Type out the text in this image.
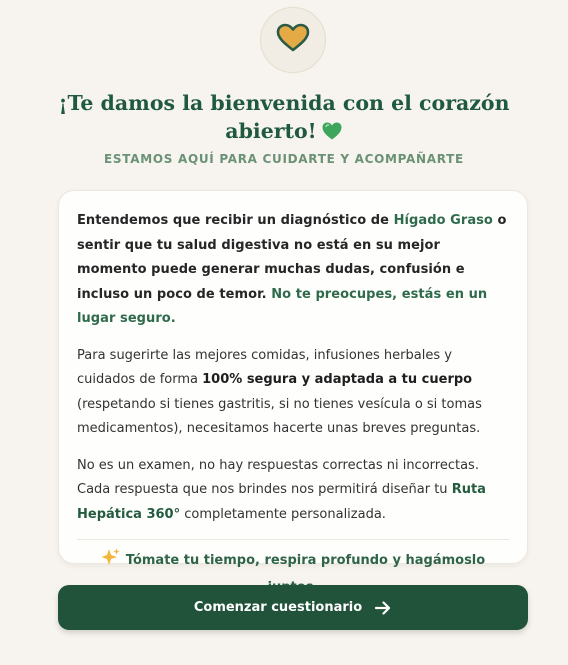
¡Te damos la bienvenida con el corazón abierto!

ESTAMOS AQUÍ PARA CUIDARTE Y ACOMPAÑARTE

Entendemos que recibir un diagnóstico de Hígado Graso o sentir que tu salud digestiva no está en su mejor momento puede generar muchas dudas, confusión e incluso un poco de temor. No te preocupes, estás en un lugar seguro.

Para sugerirte las mejores comidas, infusiones herbales y cuidados de forma 100% segura y adaptada a tu cuerpo (respetando si tienes gastritis, si no tienes vesícula o si tomas medicamentos), necesitamos hacerte unas breves preguntas.

No es un examen, no hay respuestas correctas ni incorrectas. Cada respuesta que nos brindes nos permitirá diseñar tu Ruta Hepática 360° completamente personalizada.

Tómate tu tiempo, respira profundo y hagámoslo
Comenzar cuestionario
